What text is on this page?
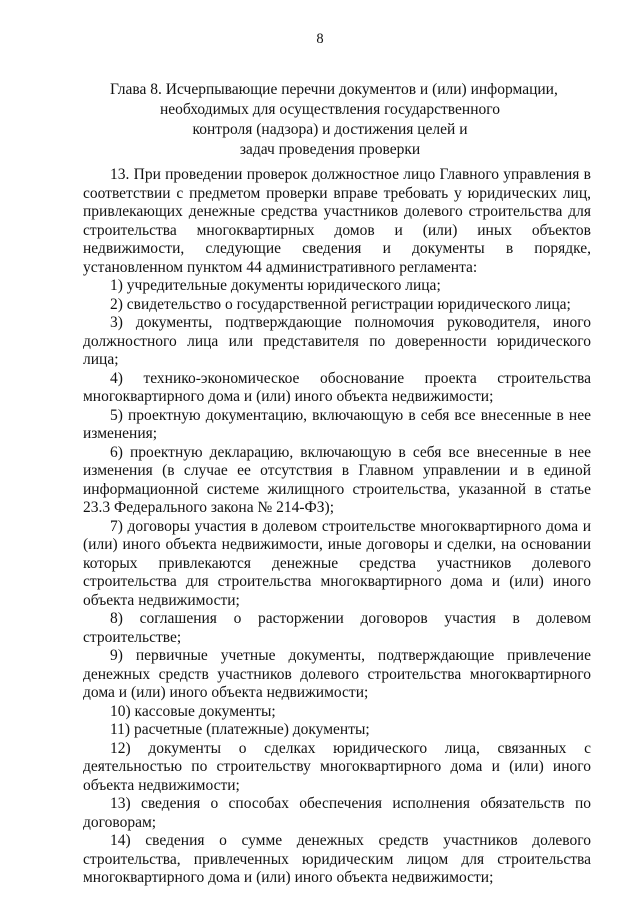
8
Глава 8. Исчерпывающие перечни документов и (или) информации,
необходимых для осуществления государственного
контроля (надзора) и достижения целей и
задач проведения проверки

13. При проведении проверок должностное лицо Главного управления в соответствии с предметом проверки вправе требовать у юридических лиц, привлекающих денежные средства участников долевого строительства для строительства многоквартирных домов и (или) иных объектов недвижимости, следующие сведения и документы в порядке, установленном пунктом 44 административного регламента:

1) учредительные документы юридического лица;

2) свидетельство о государственной регистрации юридического лица;

3) документы, подтверждающие полномочия руководителя, иного должностного лица или представителя по доверенности юридического лица;

4) технико-экономическое обоснование проекта строительства многоквартирного дома и (или) иного объекта недвижимости;

5) проектную документацию, включающую в себя все внесенные в нее изменения;

6) проектную декларацию, включающую в себя все внесенные в нее изменения (в случае ее отсутствия в Главном управлении и в единой информационной системе жилищного строительства, указанной в статье 23.3 Федерального закона № 214-ФЗ);

7) договоры участия в долевом строительстве многоквартирного дома и (или) иного объекта недвижимости, иные договоры и сделки, на основании которых привлекаются денежные средства участников долевого строительства для строительства многоквартирного дома и (или) иного объекта недвижимости;

8) соглашения о расторжении договоров участия в долевом строительстве;

9) первичные учетные документы, подтверждающие привлечение денежных средств участников долевого строительства многоквартирного дома и (или) иного объекта недвижимости;

10) кассовые документы;

11) расчетные (платежные) документы;

12) документы о сделках юридического лица, связанных с деятельностью по строительству многоквартирного дома и (или) иного объекта недвижимости;

13) сведения о способах обеспечения исполнения обязательств по договорам;

14) сведения о сумме денежных средств участников долевого строительства, привлеченных юридическим лицом для строительства многоквартирного дома и (или) иного объекта недвижимости;
